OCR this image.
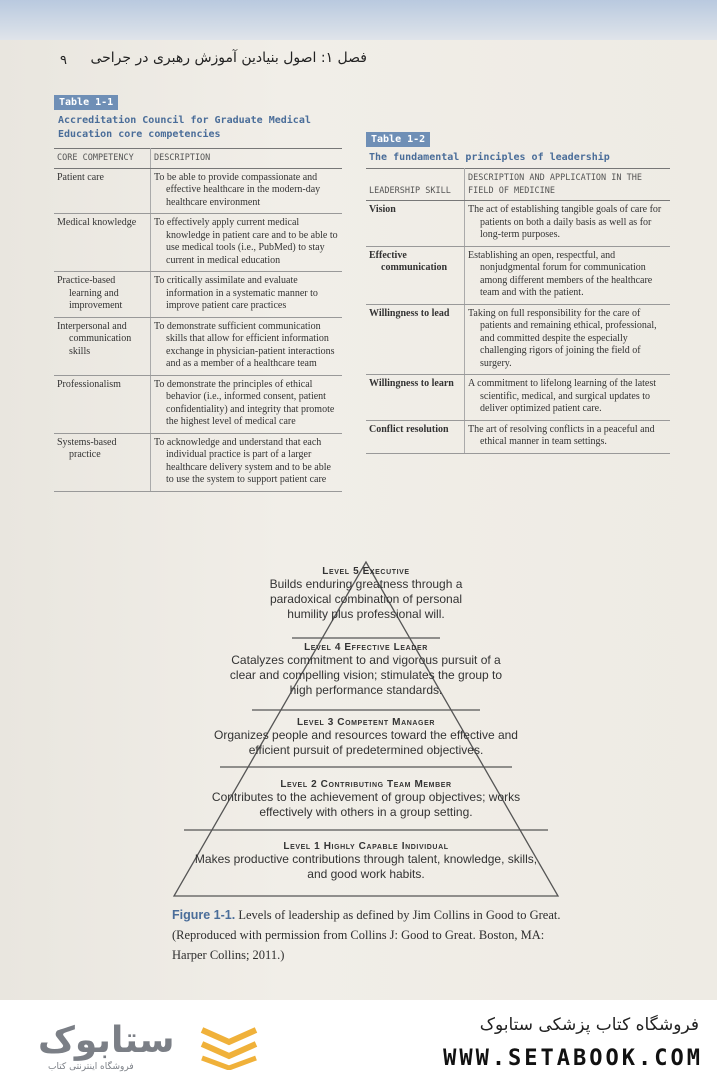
فصل ۱: اصول بنیادین آموزش رهبری در جراحی
۹
Table 1-1
Accreditation Council for Graduate Medical Education core competencies
CORE COMPETENCY	DESCRIPTION

Patient care	To be able to provide compassionate and effective healthcare in the modern-day healthcare environment

Medical knowledge	To effectively apply current medical knowledge in patient care and to be able to use medical tools (i.e., PubMed) to stay current in medical education

Practice-based learning and improvement	To critically assimilate and evaluate information in a systematic manner to improve patient care practices

Interpersonal and communication skills	To demonstrate sufficient communication skills that allow for efficient information exchange in physician-patient interactions and as a member of a healthcare team

Professionalism	To demonstrate the principles of ethical behavior (i.e., informed consent, patient confidentiality) and integrity that promote the highest level of medical care

Systems-based practice	To acknowledge and understand that each individual practice is part of a larger healthcare delivery system and to be able to use the system to support patient care
Table 1-2
The fundamental principles of leadership
LEADERSHIP SKILL	DESCRIPTION AND APPLICATION IN THE FIELD OF MEDICINE

Vision	The act of establishing tangible goals of care for patients on both a daily basis as well as for long-term purposes.

Effective communication	Establishing an open, respectful, and nonjudgmental forum for communication among different members of the healthcare team and with the patient.

Willingness to lead	Taking on full responsibility for the care of patients and remaining ethical, professional, and committed despite the especially challenging rigors of joining the field of surgery.

Willingness to learn	A commitment to lifelong learning of the latest scientific, medical, and surgical updates to deliver optimized patient care.

Conflict resolution	The art of resolving conflicts in a peaceful and ethical manner in team settings.
Level 5 Executive
Builds enduring greatness through a paradoxical combination of personal humility plus professional will.
Level 4 Effective Leader
Catalyzes commitment to and vigorous pursuit of a clear and compelling vision; stimulates the group to high performance standards.
Level 3 Competent Manager
Organizes people and resources toward the effective and efficient pursuit of predetermined objectives.
Level 2 Contributing Team Member
Contributes to the achievement of group objectives; works effectively with others in a group setting.
Level 1 Highly Capable Individual
Makes productive contributions through talent, knowledge, skills, and good work habits.
Figure 1-1. Levels of leadership as defined by Jim Collins in Good to Great. (Reproduced with permission from Collins J: Good to Great. Boston, MA: Harper Collins; 2011.)
ستابوک
فروشگاه اینترنتی کتاب
فروشگاه کتاب پزشکی ستابوک
WWW.SETABOOK.COM
